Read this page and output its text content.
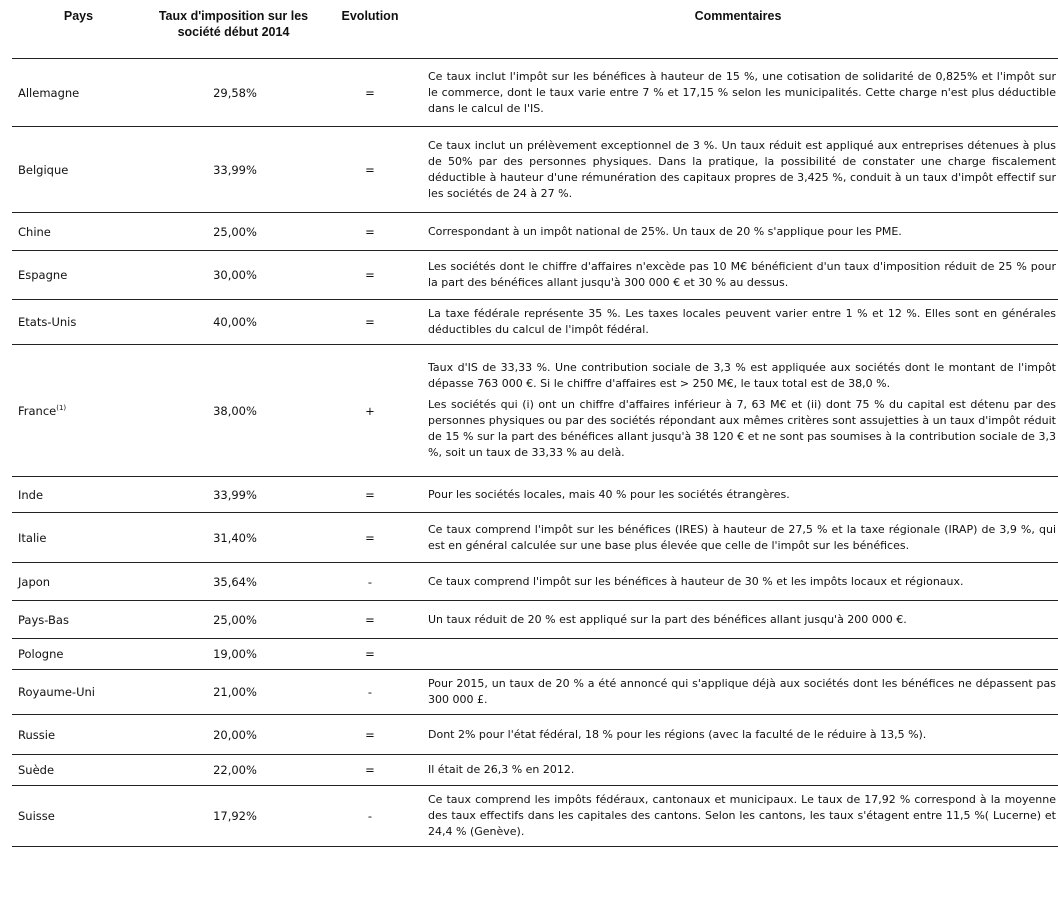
Pays	Taux d'imposition sur les société début 2014	Evolution	Commentaires
Allemagne	29,58%	=	Ce taux inclut l'impôt sur les bénéfices à hauteur de 15 %, une cotisation de solidarité de 0,825% et l'impôt sur le commerce, dont le taux varie entre 7 % et 17,15 % selon les municipalités. Cette charge n'est plus déductible dans le calcul de l'IS.

Belgique	33,99%	=	Ce taux inclut un prélèvement exceptionnel de 3 %. Un taux réduit est appliqué aux entreprises détenues à plus de 50% par des personnes physiques. Dans la pratique, la possibilité de constater une charge fiscalement déductible à hauteur d'une rémunération des capitaux propres de 3,425 %, conduit à un taux d'impôt effectif sur les sociétés de 24 à 27 %.

Chine	25,00%	=	Correspondant à un impôt national de 25%. Un taux de 20 % s'applique pour les PME.

Espagne	30,00%	=	Les sociétés dont le chiffre d'affaires n'excède pas 10 M€ bénéficient d'un taux d'imposition réduit de 25 % pour la part des bénéfices allant jusqu'à 300 000 € et 30 % au dessus.

Etats-Unis	40,00%	=	La taxe fédérale représente 35 %. Les taxes locales peuvent varier entre 1 % et 12 %. Elles sont en générales déductibles du calcul de l'impôt fédéral.

France$^{(1)}$	38,00%	+	Taux d'IS de 33,33 %. Une contribution sociale de 3,3 % est appliquée aux sociétés dont le montant de l'impôt dépasse 763 000 €. Si le chiffre d'affaires est > 250 M€, le taux total est de 38,0 %.

Les sociétés qui (i) ont un chiffre d'affaires inférieur à 7, 63 M€ et (ii) dont 75 % du capital est détenu par des personnes physiques ou par des sociétés répondant aux mêmes critères sont assujetties à un taux d'impôt réduit de 15 % sur la part des bénéfices allant jusqu'à 38 120 € et ne sont pas soumises à la contribution sociale de 3,3 %, soit un taux de 33,33 % au delà.

Inde	33,99%	=	Pour les sociétés locales, mais 40 % pour les sociétés étrangères.

Italie	31,40%	=	Ce taux comprend l'impôt sur les bénéfices (IRES) à hauteur de 27,5 % et la taxe régionale (IRAP) de 3,9 %, qui est en général calculée sur une base plus élevée que celle de l'impôt sur les bénéfices.

Japon	35,64%	-	Ce taux comprend l'impôt sur les bénéfices à hauteur de 30 % et les impôts locaux et régionaux.

Pays-Bas	25,00%	=	Un taux réduit de 20 % est appliqué sur la part des bénéfices allant jusqu'à 200 000 €.

Pologne	19,00%	=	
Royaume-Uni	21,00%	-	Pour 2015, un taux de 20 % a été annoncé qui s'applique déjà aux sociétés dont les bénéfices ne dépassent pas 300 000 £.

Russie	20,00%	=	Dont 2% pour l'état fédéral, 18 % pour les régions (avec la faculté de le réduire à 13,5 %).

Suède	22,00%	=	Il était de 26,3 % en 2012.

Suisse	17,92%	-	Ce taux comprend les impôts fédéraux, cantonaux et municipaux. Le taux de 17,92 % correspond à la moyenne des taux effectifs dans les capitales des cantons. Selon les cantons, les taux s'étagent entre 11,5 %( Lucerne) et 24,4 % (Genève).
